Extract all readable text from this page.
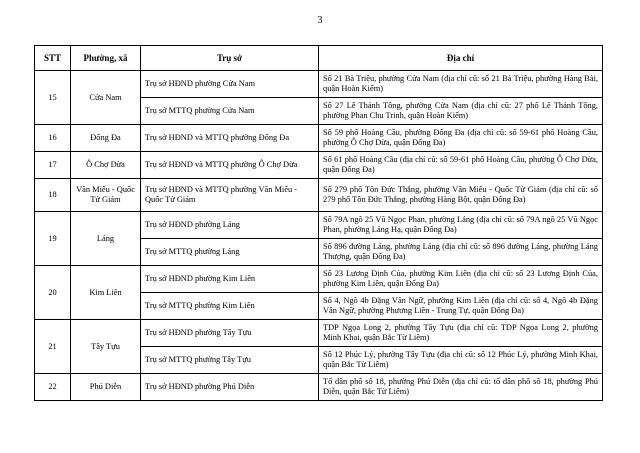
3
STT	Phường, xã	Trụ sở	Địa chỉ
15	Cửa Nam	Trụ sở HĐND phường Cửa Nam	Số 21 Bà Triệu, phường Cửa Nam (địa chỉ cũ: số 21 Bà Triệu, phường Hàng Bài, quận Hoàn Kiếm)
		Trụ sở MTTQ phường Cửa Nam	Số 27 Lê Thánh Tông, phường Cửa Nam (địa chỉ cũ: 27 phố Lê Thánh Tông, phường Phan Chu Trinh, quận Hoàn Kiếm)
16	Đống Đa	Trụ sở HĐND và MTTQ phường Đống Đa	Số 59 phố Hoàng Cầu, phường Đống Đa (địa chỉ cũ: số 59-61 phố Hoàng Cầu, phường Ô Chợ Dừa, quận Đống Đa)
17	Ô Chợ Dừa	Trụ sở HĐND và MTTQ phường Ô Chợ Dừa	Số 61 phố Hoàng Cầu (địa chỉ cũ: số 59-61 phố Hoàng Cầu, phường Ô Chợ Dừa, quận Đống Đa)
18	Văn Miếu - Quốc Tử Giám	Trụ sở HĐND và MTTQ phường Văn Miếu - Quốc Tử Giám	Số 279 phố Tôn Đức Thắng, phường Văn Miếu - Quốc Tử Giám (địa chỉ cũ: số 279 phố Tôn Đức Thắng, phường Hàng Bột, quận Đống Đa)
19	Láng	Trụ sở HĐND phường Láng	Số 79A ngõ 25 Vũ Ngọc Phan, phường Láng (địa chỉ cũ: số 79A ngõ 25 Vũ Ngọc Phan, phường Láng Hạ, quận Đống Đa)
		Trụ sở MTTQ phường Láng	Số 896 đường Láng, phường Láng (địa chỉ cũ: số 896 đường Láng, phường Láng Thượng, quận Đống Đa)
20	Kim Liên	Trụ sở HĐND phường Kim Liên	Số 23 Lương Định Của, phường Kim Liên (địa chỉ cũ: số 23 Lương Định Của, phường Kim Liên, quận Đống Đa)
		Trụ sở MTTQ phường Kim Liên	Số 4, Ngõ 4b Đặng Văn Ngữ, phường Kim Liên (địa chỉ cũ: số 4, Ngõ 4b Đặng Văn Ngữ, phường Phương Liên - Trung Tự, quận Đống Đa)
21	Tây Tựu	Trụ sở HĐND phường Tây Tựu	TDP Ngọa Long 2, phường Tây Tựu (địa chỉ cũ: TDP Ngọa Long 2, phường Minh Khai, quận Bắc Từ Liêm)
		Trụ sở MTTQ phường Tây Tựu	Số 12 Phúc Lý, phường Tây Tựu (địa chỉ cũ: số 12 Phúc Lý, phường Minh Khai, quận Bắc Từ Liêm)
22	Phú Diễn	Trụ sở HĐND phường Phú Diễn	Tổ dân phố số 18, phường Phú Diễn (địa chỉ cũ: tổ dân phố số 18, phường Phú Diễn, quận Bắc Từ Liêm)
